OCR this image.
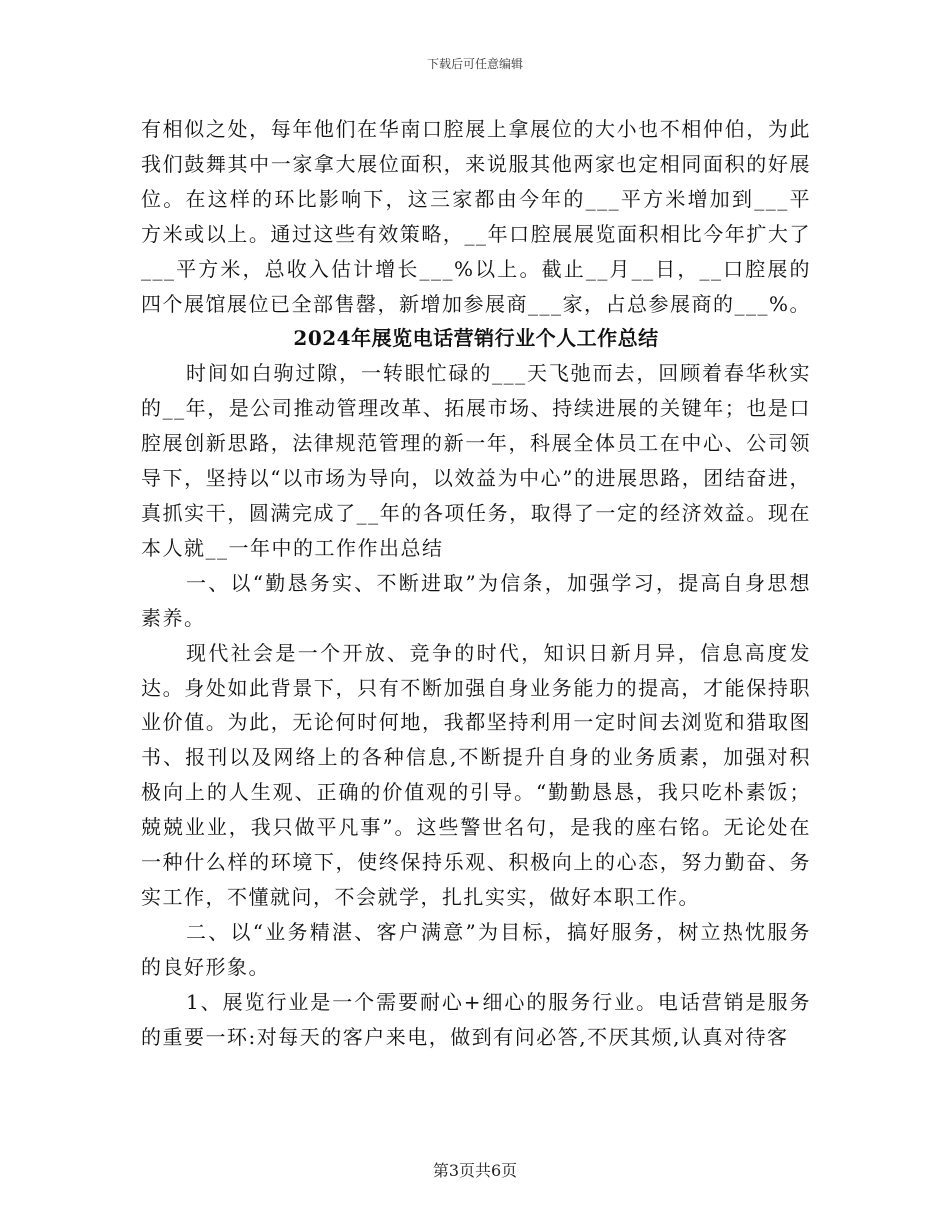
下载后可任意编辑

有相似之处，每年他们在华南口腔展上拿展位的大小也不相仲伯，为此我们鼓舞其中一家拿大展位面积，来说服其他两家也定相同面积的好展位。在这样的环比影响下，这三家都由今年的___平方米增加到___平方米或以上。通过这些有效策略，__年口腔展展览面积相比今年扩大了___平方米，总收入估计增长___%以上。截止__月__日，__口腔展的四个展馆展位已全部售罄，新增加参展商___家，占总参展商的___%。

2024年展览电话营销行业个人工作总结

时间如白驹过隙，一转眼忙碌的___天飞弛而去，回顾着春华秋实的__年，是公司推动管理改革、拓展市场、持续进展的关键年；也是口腔展创新思路，法律规范管理的新一年，科展全体员工在中心、公司领导下，坚持以“以市场为导向，以效益为中心”的进展思路，团结奋进，真抓实干，圆满完成了__年的各项任务，取得了一定的经济效益。现在本人就__一年中的工作作出总结

一、以“勤恳务实、不断进取”为信条，加强学习，提高自身思想素养。

现代社会是一个开放、竞争的时代，知识日新月异，信息高度发达。身处如此背景下，只有不断加强自身业务能力的提高，才能保持职业价值。为此，无论何时何地，我都坚持利用一定时间去浏览和猎取图书、报刊以及网络上的各种信息,不断提升自身的业务质素，加强对积极向上的人生观、正确的价值观的引导。“勤勤恳恳，我只吃朴素饭；兢兢业业，我只做平凡事”。这些警世名句，是我的座右铭。无论处在一种什么样的环境下，使终保持乐观、积极向上的心态，努力勤奋、务实工作，不懂就问，不会就学，扎扎实实，做好本职工作。

二、以“业务精湛、客户满意”为目标，搞好服务，树立热忱服务的良好形象。

1、展览行业是一个需要耐心+细心的服务行业。电话营销是服务的重要一环:对每天的客户来电，做到有问必答,不厌其烦,认真对待客

第3页共6页
